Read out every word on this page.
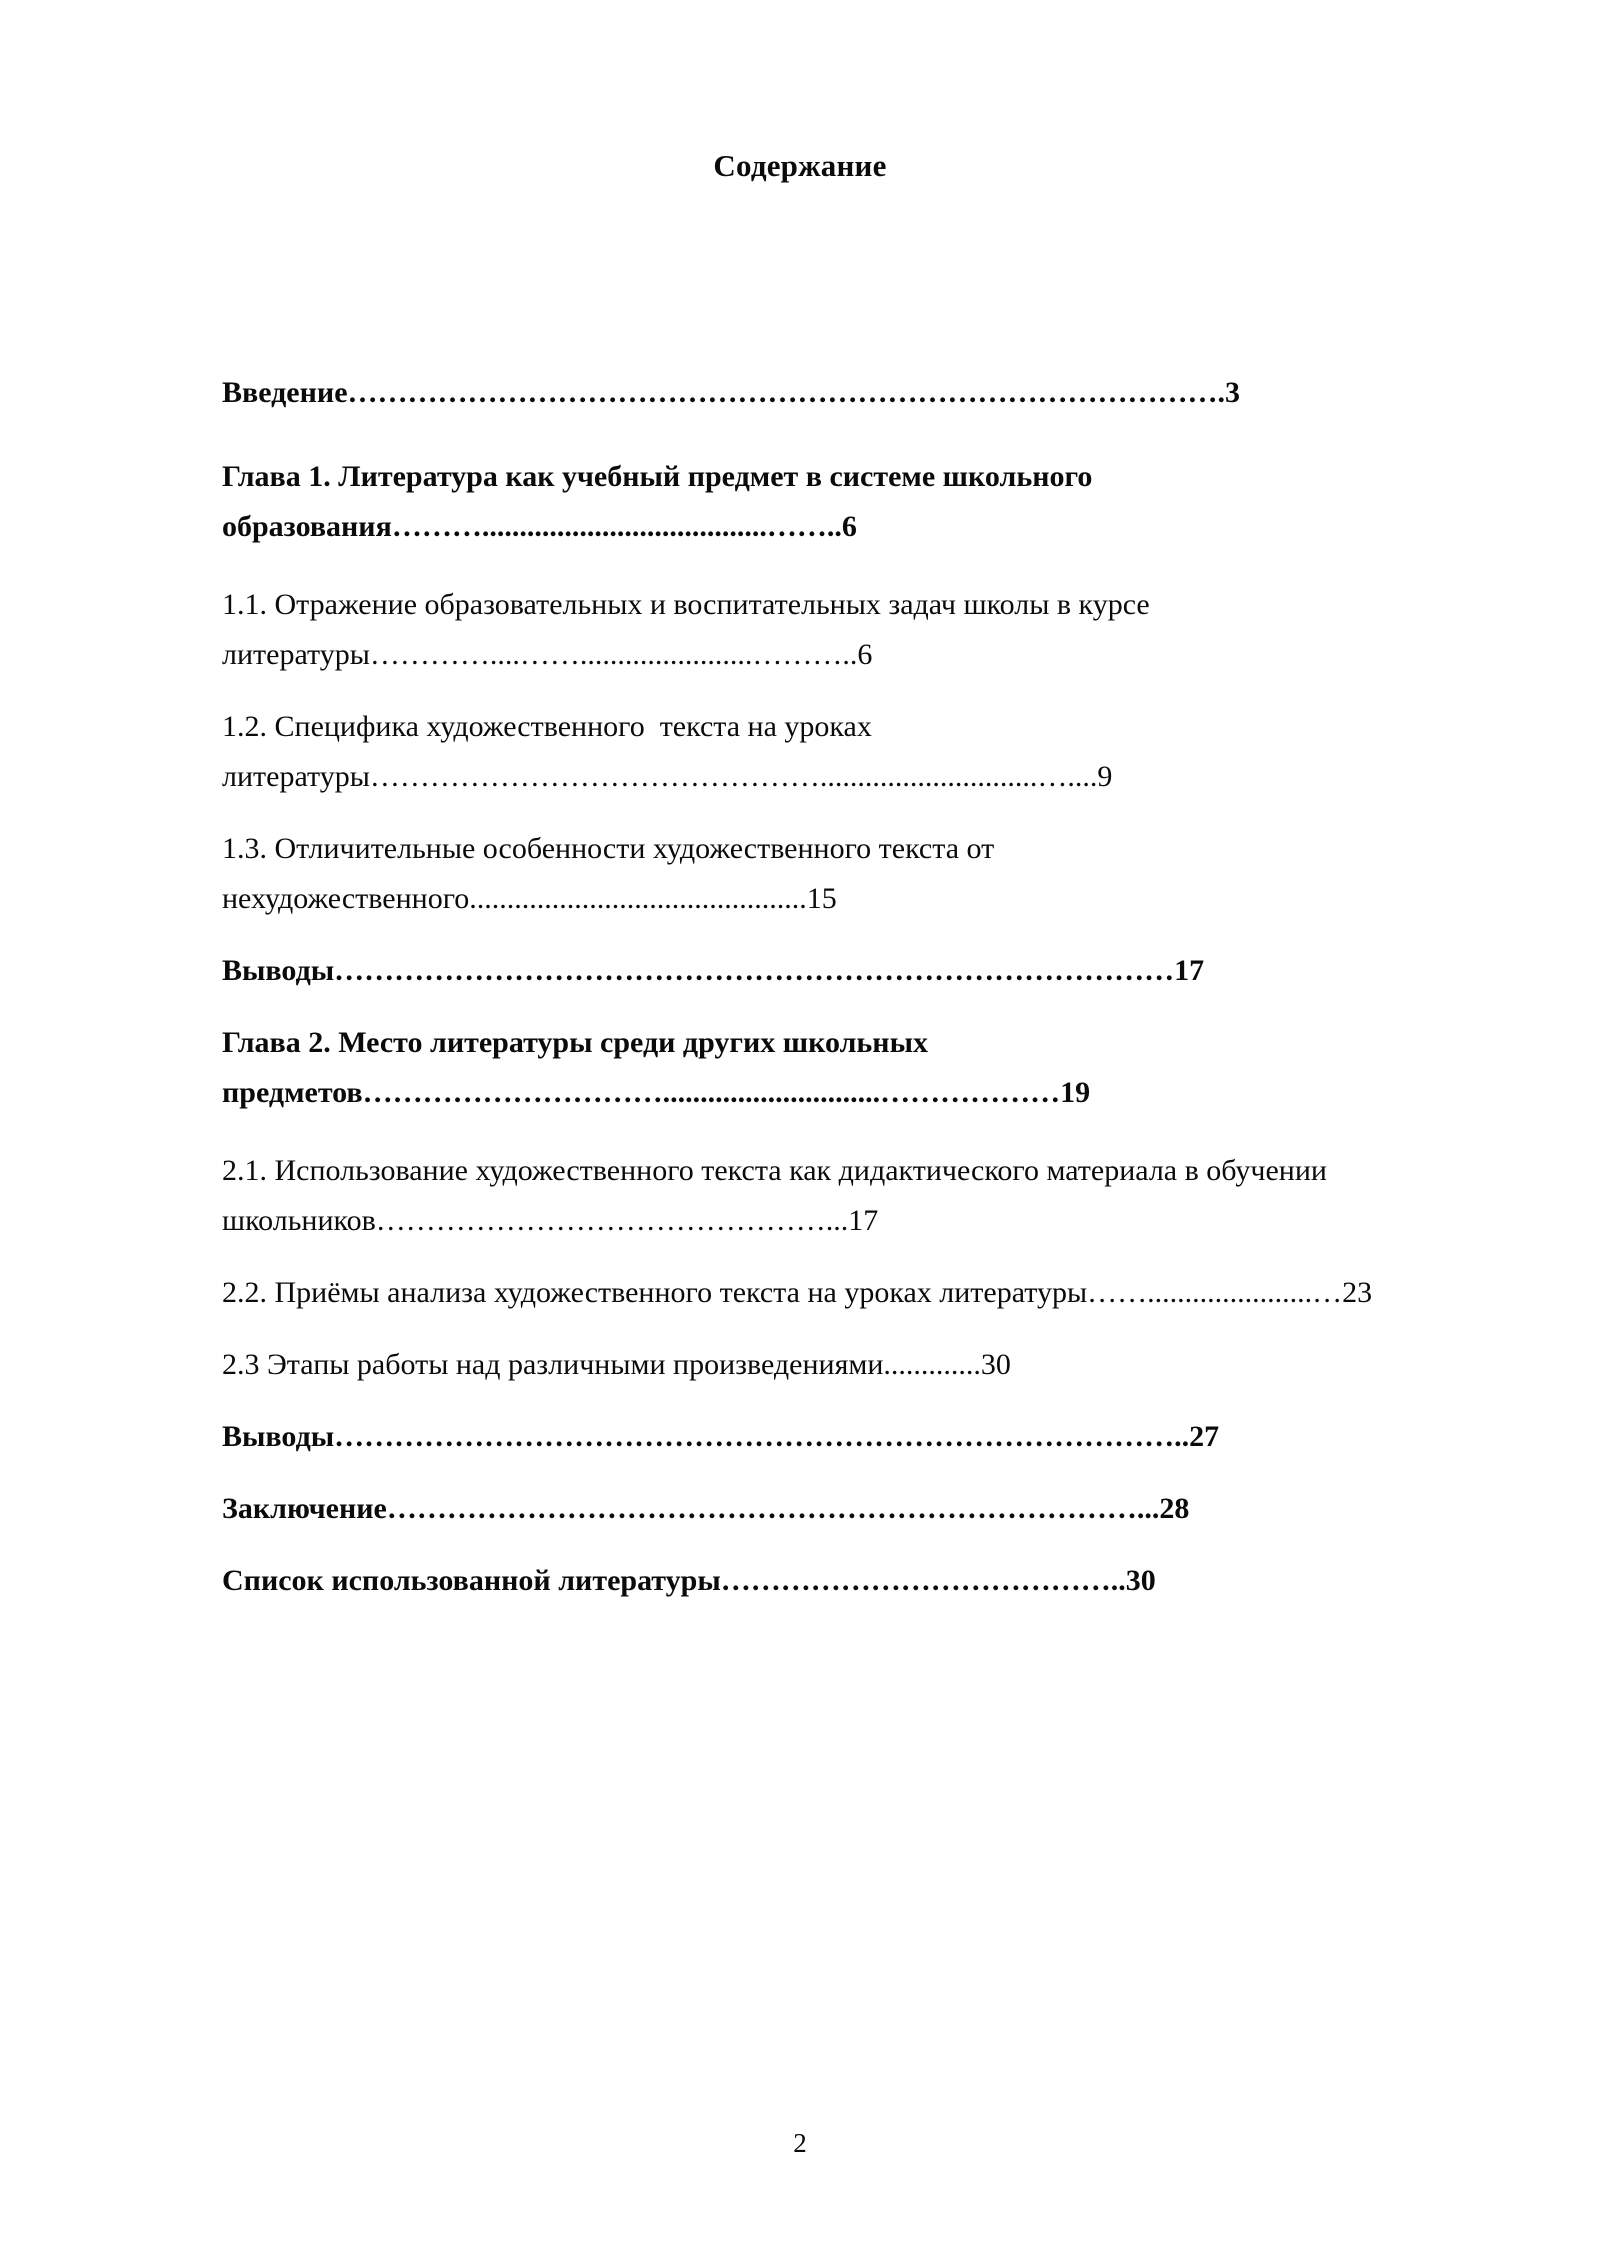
Содержание
Введение…………………………………………………………………………….3
Глава 1. Литература как учебный предмет в системе школьного образования………......................................……..6
1.1. Отражение образовательных и воспитательных задач школы в курсе литературы…………....…….......................………..6
1.2. Специфика художественного  текста на уроках литературы……………………………………….............................…....9
1.3. Отличительные особенности художественного текста от нехудожественного.............................................15
Выводы…………………………………………………………………………17
Глава 2. Место литературы среди других школьных предметов………………………….............................………………19
2.1. Использование художественного текста как дидактического материала в обучении школьников………………………………………...17
2.2. Приёмы анализа художественного текста на уроках литературы……......................…23
2.3 Этапы работы над различными произведениями.............30
Выводы…………………………………………………………………………..27
Заключение…………………………………………………………………...28
Список использованной литературы…………………………………..30
2
